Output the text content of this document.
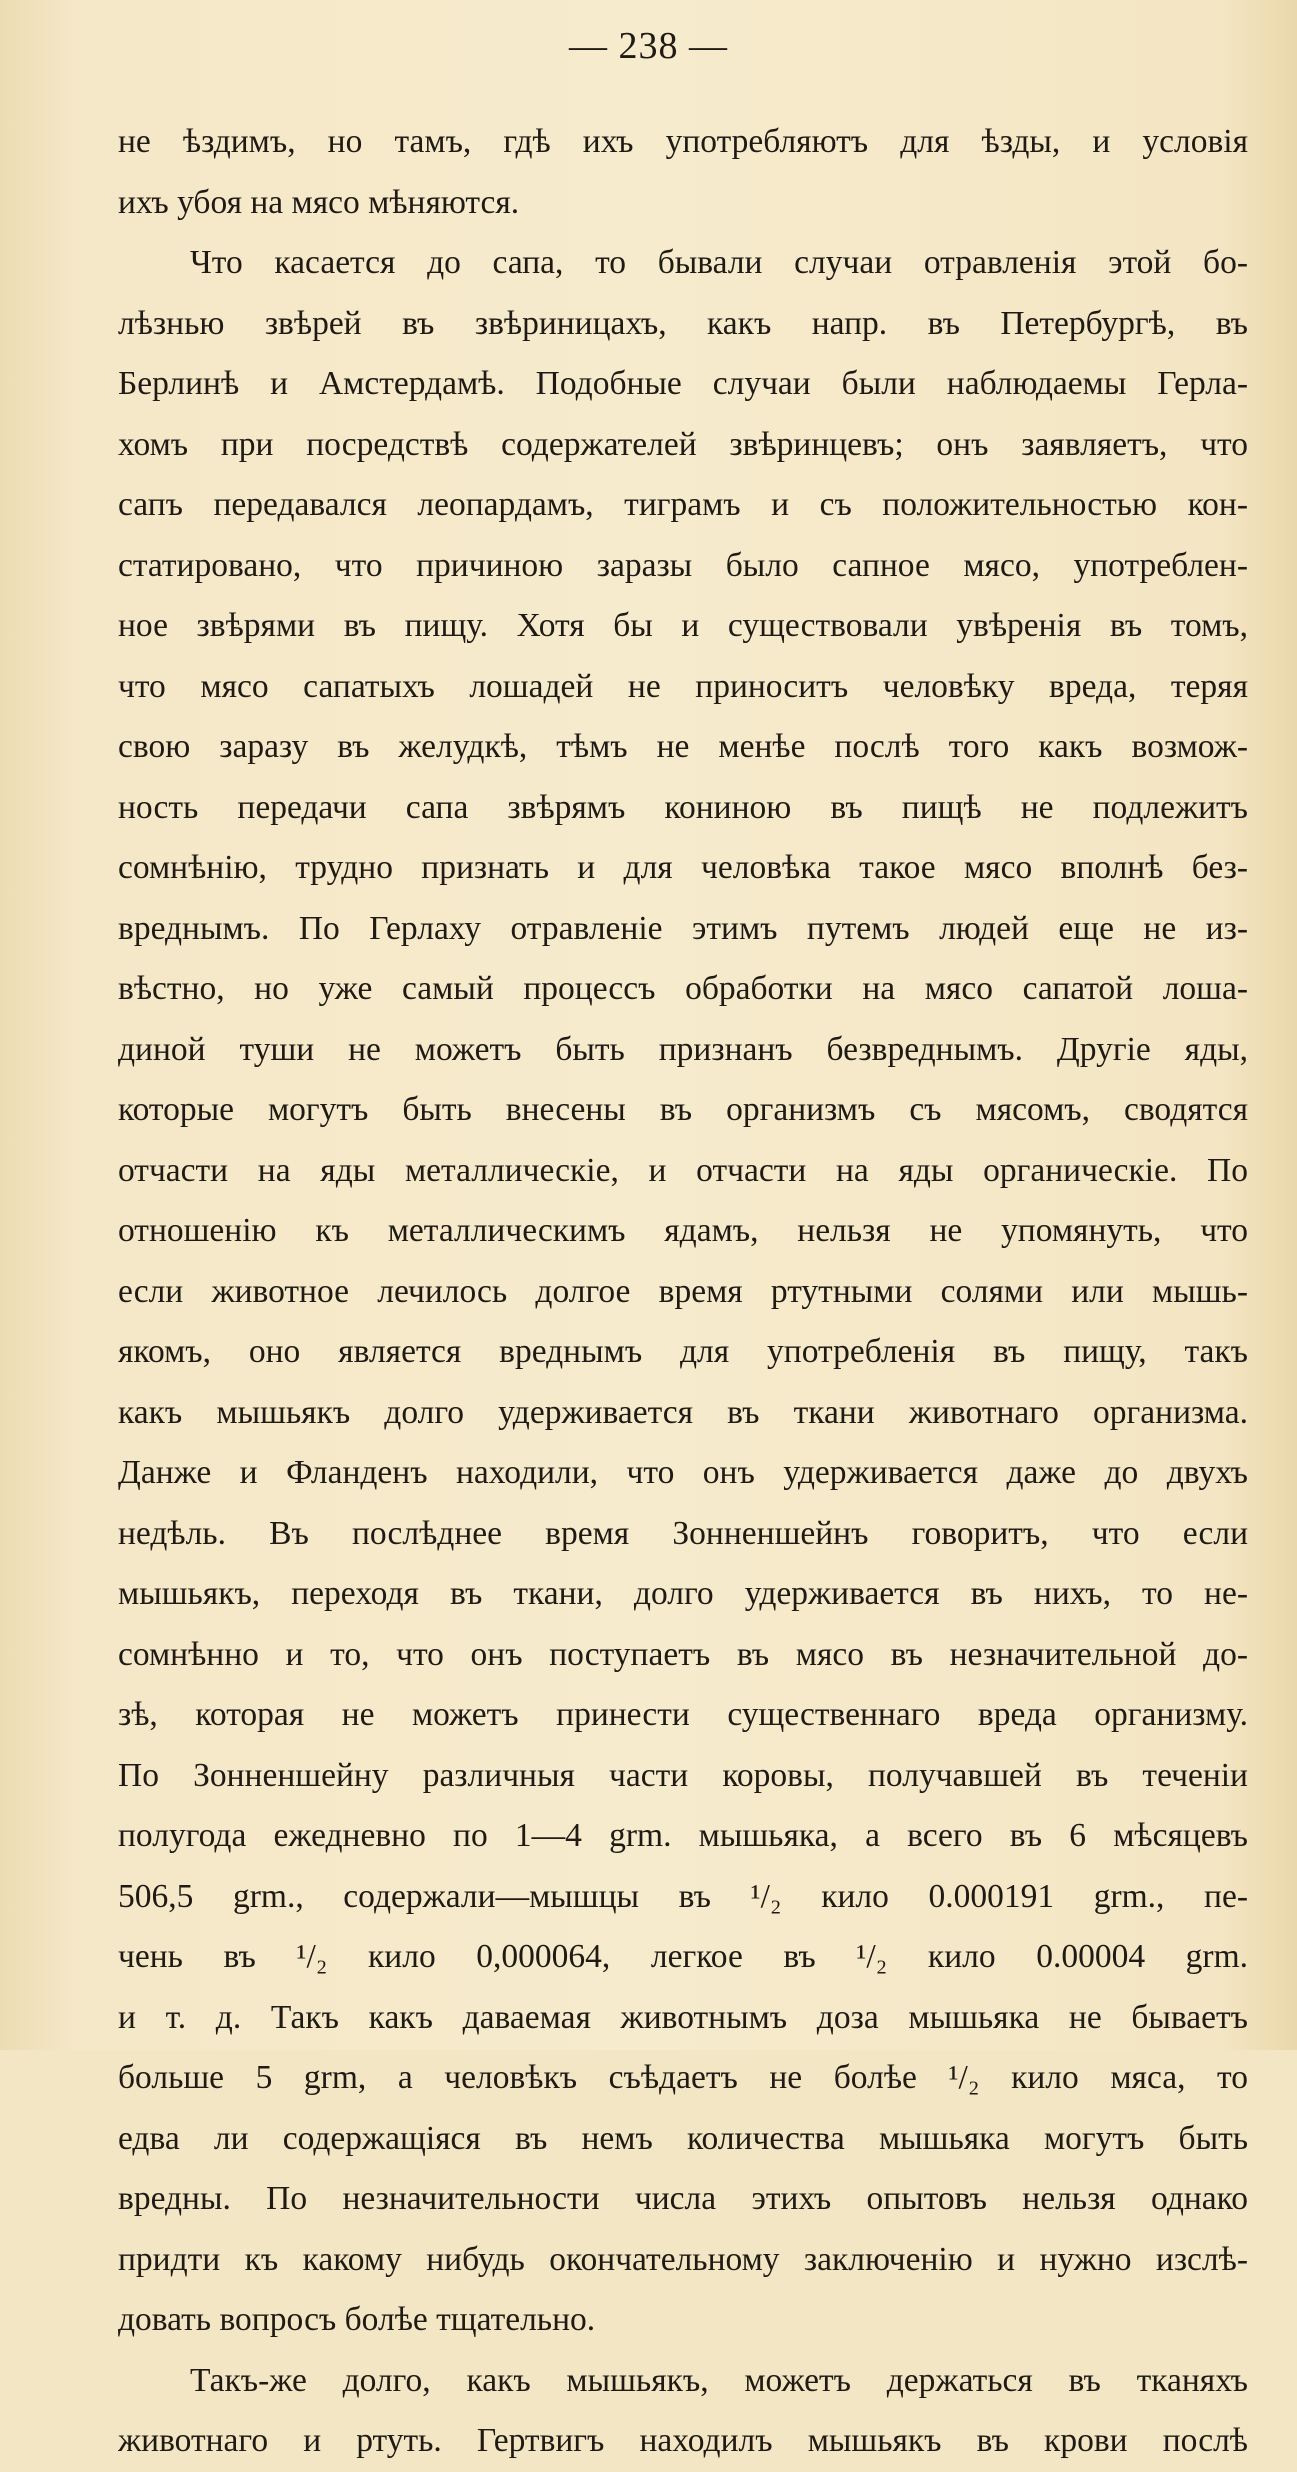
— 238 —
не ѣздимъ, но тамъ, гдѣ ихъ употребляютъ для ѣзды, и условія
ихъ убоя на мясо мѣняются.
Что касается до сапа, то бывали случаи отравленія этой бо-
лѣзнью звѣрей въ звѣриницахъ, какъ напр. въ Петербургѣ, въ
Берлинѣ и Амстердамѣ. Подобные случаи были наблюдаемы Герла-
хомъ при посредствѣ содержателей звѣринцевъ; онъ заявляетъ, что
сапъ передавался леопардамъ, тиграмъ и съ положительностью кон-
статировано, что причиною заразы было сапное мясо, употреблен-
ное звѣрями въ пищу. Хотя бы и существовали увѣренія въ томъ,
что мясо сапатыхъ лошадей не приноситъ человѣку вреда, теряя
свою заразу въ желудкѣ, тѣмъ не менѣе послѣ того какъ возмож-
ность передачи сапа звѣрямъ кониною въ пищѣ не подлежитъ
сомнѣнію, трудно признать и для человѣка такое мясо вполнѣ без-
вреднымъ. По Герлаху отравленіе этимъ путемъ людей еще не из-
вѣстно, но уже самый процессъ обработки на мясо сапатой лоша-
диной туши не можетъ быть признанъ безвреднымъ. Другіе яды,
которые могутъ быть внесены въ организмъ съ мясомъ, сводятся
отчасти на яды металлическіе, и отчасти на яды органическіе. По
отношенію къ металлическимъ ядамъ, нельзя не упомянуть, что
если животное лечилось долгое время ртутными солями или мышь-
якомъ, оно является вреднымъ для употребленія въ пищу, такъ
какъ мышьякъ долго удерживается въ ткани животнаго организма.
Данже и Фланденъ находили, что онъ удерживается даже до двухъ
недѣль. Въ послѣднее время Зонненшейнъ говоритъ, что если
мышьякъ, переходя въ ткани, долго удерживается въ нихъ, то не-
сомнѣнно и то, что онъ поступаетъ въ мясо въ незначительной до-
зѣ, которая не можетъ принести существеннаго вреда организму.
По Зонненшейну различныя части коровы, получавшей въ теченіи
полугода ежедневно по 1—4 grm. мышьяка, а всего въ 6 мѣсяцевъ
506,5 grm., содержали—мышцы въ ¹/₂ кило 0.000191 grm., пе-
чень въ ¹/₂ кило 0,000064, легкое въ ¹/₂ кило 0.00004 grm.
и т. д. Такъ какъ даваемая животнымъ доза мышьяка не бываетъ
больше 5 grm, а человѣкъ съѣдаетъ не болѣе ¹/₂ кило мяса, то
едва ли содержащіяся въ немъ количества мышьяка могутъ быть
вредны. По незначительности числа этихъ опытовъ нельзя однако
придти къ какому нибудь окончательному заключенію и нужно изслѣ-
довать вопросъ болѣе тщательно.
Такъ-же долго, какъ мышьякъ, можетъ держаться въ тканяхъ
животнаго и ртуть. Гертвигъ находилъ мышьякъ въ крови послѣ
